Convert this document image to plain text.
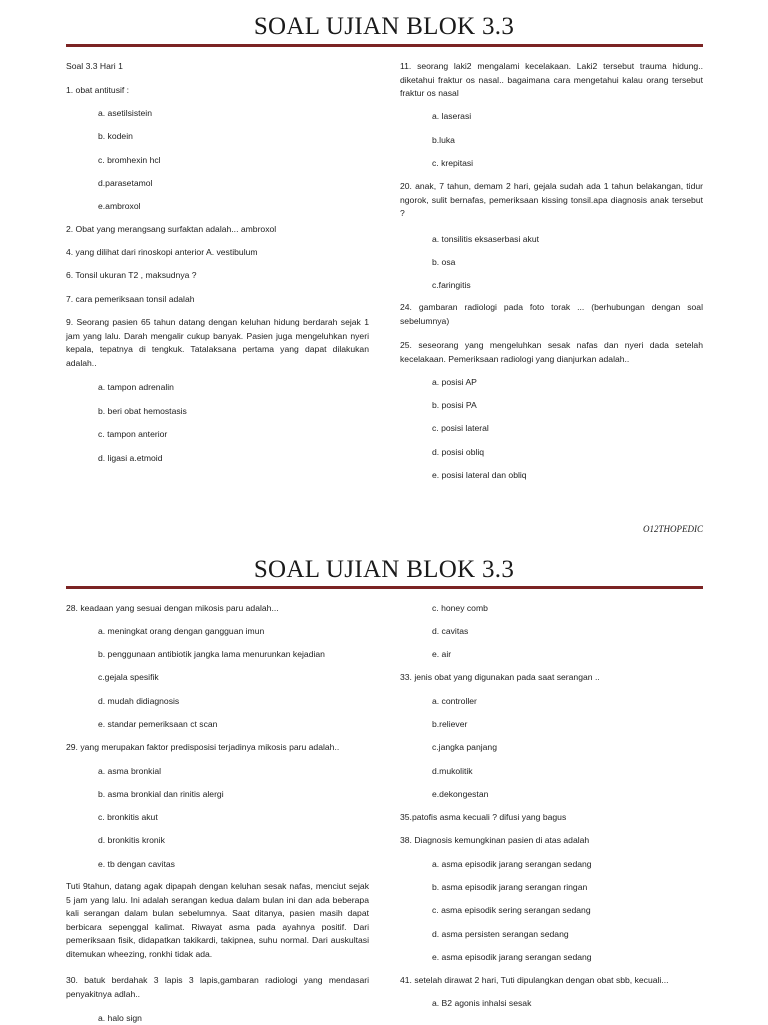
SOAL UJIAN BLOK 3.3
Soal 3.3 Hari 1
1. obat antitusif :
a. asetilsistein
b. kodein
c. bromhexin hcl
d.parasetamol
e.ambroxol
2. Obat yang merangsang surfaktan adalah... ambroxol
4. yang dilihat dari rinoskopi anterior A. vestibulum
6. Tonsil ukuran T2 , maksudnya ?
7. cara pemeriksaan tonsil adalah
9. Seorang pasien 65 tahun datang dengan keluhan hidung berdarah sejak 1 jam yang lalu. Darah mengalir cukup banyak. Pasien juga mengeluhkan nyeri kepala, tepatnya di tengkuk. Tatalaksana pertama yang dapat dilakukan adalah..
a. tampon adrenalin
b. beri obat hemostasis
c. tampon anterior
d. ligasi a.etmoid
11. seorang laki2 mengalami kecelakaan. Laki2 tersebut trauma hidung.. diketahui fraktur os nasal.. bagaimana cara mengetahui kalau orang tersebut fraktur os nasal
a. laserasi
b.luka
c. krepitasi
20. anak, 7 tahun, demam 2 hari, gejala sudah ada 1 tahun belakangan, tidur ngorok, sulit bernafas, pemeriksaan kissing tonsil.apa diagnosis anak tersebut ?
a. tonsilitis eksaserbasi akut
b. osa
c.faringitis
24. gambaran radiologi pada foto torak ... (berhubungan dengan soal sebelumnya)
25. seseorang yang mengeluhkan sesak nafas dan nyeri dada setelah kecelakaan. Pemeriksaan radiologi yang dianjurkan adalah..
a. posisi AP
b. posisi PA
c. posisi lateral
d. posisi obliq
e. posisi lateral dan obliq
O12THOPEDIC
SOAL UJIAN BLOK 3.3
28. keadaan yang sesuai dengan mikosis paru adalah...
a. meningkat orang dengan gangguan imun
b. penggunaan antibiotik jangka lama menurunkan kejadian
c.gejala spesifik
d. mudah didiagnosis
e. standar pemeriksaan ct scan
29. yang merupakan faktor predisposisi terjadinya mikosis paru adalah..
a. asma bronkial
b. asma bronkial dan rinitis alergi
c. bronkitis akut
d. bronkitis kronik
e. tb dengan cavitas
Tuti 9tahun, datang agak dipapah dengan keluhan sesak nafas, menciut sejak 5 jam yang lalu. Ini adalah serangan kedua dalam bulan ini dan ada beberapa kali serangan dalam bulan sebelumnya. Saat ditanya, pasien masih dapat berbicara sepenggal kalimat. Riwayat asma pada ayahnya positif. Dari pemeriksaan fisik, didapatkan takikardi, takipnea, suhu normal. Dari auskultasi ditemukan wheezing, ronkhi tidak ada.
30. batuk berdahak 3 lapis 3 lapis,gambaran radiologi yang mendasari penyakitnya adlah..
a. halo sign
c. honey comb
d. cavitas
e. air
33. jenis obat yang digunakan pada saat serangan ..
a. controller
b.reliever
c.jangka panjang
d.mukolitik
e.dekongestan
35.patofis asma kecuali ? difusi yang bagus
38. Diagnosis kemungkinan pasien di atas adalah
a. asma episodik jarang serangan sedang
b. asma episodik jarang serangan ringan
c. asma episodik sering serangan sedang
d. asma persisten serangan sedang
e. asma episodik jarang serangan sedang
41. setelah dirawat 2 hari, Tuti dipulangkan dengan obat sbb, kecuali...
a. B2 agonis inhalsi sesak
